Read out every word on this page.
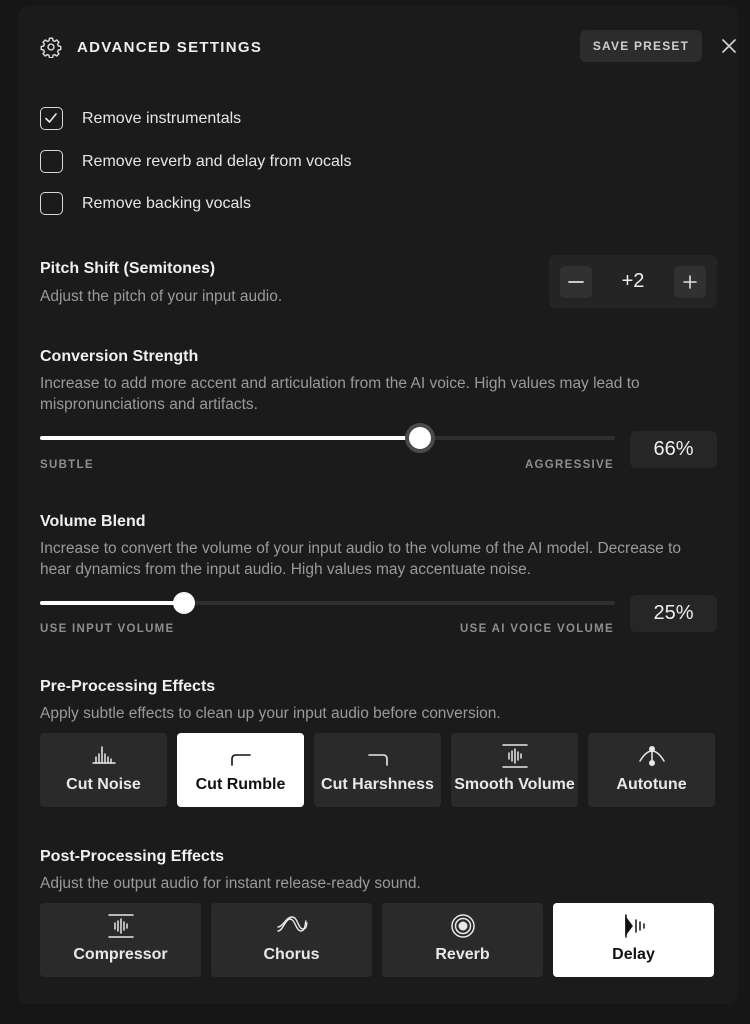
ADVANCED SETTINGS	SAVE PRESET
Remove instrumentals
Remove reverb and delay from vocals
Remove backing vocals
Pitch Shift (Semitones)
Adjust the pitch of your input audio.
+2
Conversion Strength
Increase to add more accent and articulation from the AI voice. High values may lead to mispronunciations and artifacts.
SUBTLE	AGGRESSIVE
66%
Volume Blend
Increase to convert the volume of your input audio to the volume of the AI model. Decrease to hear dynamics from the input audio. High values may accentuate noise.
USE INPUT VOLUME	USE AI VOICE VOLUME
25%
Pre-Processing Effects
Apply subtle effects to clean up your input audio before conversion.
Cut Noise	Cut Rumble	Cut Harshness	Smooth Volume	Autotune
Post-Processing Effects
Adjust the output audio for instant release-ready sound.
Compressor	Chorus	Reverb	Delay
